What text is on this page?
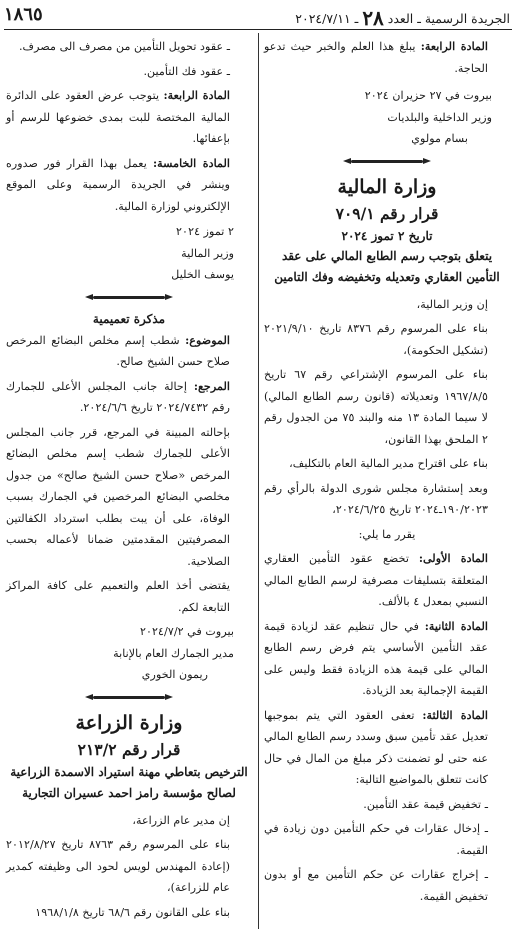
١٨٦٥	الجريدة الرسمية ـ العدد ٢٨ ـ ٢٠٢٤/٧/١١

المادة الرابعة: يبلغ هذا العلم والخبر حيث تدعو الحاجة.

بيروت في ٢٧ حزيران ٢٠٢٤
وزير الداخلية والبلديات
بسام مولوي
وزارة المالية
قرار رقم ٧٠٩/١
تاريخ ٢ تموز ٢٠٢٤
يتعلق بتوجب رسم الطابع المالي على عقد التأمين العقاري وتعديله وتخفيضه وفك التامين

إن وزير المالية،

بناء على المرسوم رقم ٨٣٧٦ تاريخ ٢٠٢١/٩/١٠ (تشكيل الحكومة)،

بناء على المرسوم الإشتراعي رقم ٦٧ تاريخ ١٩٦٧/٨/٥ وتعديلاته (قانون رسم الطابع المالي) لا سيما المادة ١٣ منه والبند ٧٥ من الجدول رقم ٢ الملحق بهذا القانون،

بناء على اقتراح مدير المالية العام بالتكليف،

وبعد إستشارة مجلس شورى الدولة بالرأي رقم ١٩٠/٢٠٢٣ـ٢٠٢٤ تاريخ ٢٠٢٤/٦/٢٥،

يقرر ما يلي:

المادة الأولى: تخضع عقود التأمين العقاري المتعلقة بتسليفات مصرفية لرسم الطابع المالي النسبي بمعدل ٤ بالألف.

المادة الثانية: في حال تنظيم عقد لزيادة قيمة عقد التأمين الأساسي يتم فرض رسم الطابع المالي على قيمة هذه الزيادة فقط وليس على القيمة الإجمالية بعد الزيادة.

المادة الثالثة: تعفى العقود التي يتم بموجبها تعديل عقد تأمين سبق وسدد رسم الطابع المالي عنه حتى لو تضمنت ذكر مبلغ من المال في حال كانت تتعلق بالمواضيع التالية:

ـ تخفيض قيمة عقد التأمين.

ـ إدخال عقارات في حكم التأمين دون زيادة في القيمة.

ـ إخراج عقارات عن حكم التأمين مع أو بدون تخفيض القيمة.

ـ عقود تحويل التأمين من مصرف الى مصرف.

ـ عقود فك التأمين.

المادة الرابعة: يتوجب عرض العقود على الدائرة المالية المختصة للبت بمدى خضوعها للرسم أو بإعفائها.

المادة الخامسة: يعمل بهذا القرار فور صدوره وينشر في الجريدة الرسمية وعلى الموقع الإلكتروني لوزارة المالية.

٢ تموز ٢٠٢٤
وزير المالية
يوسف الخليل
مذكرة تعميمية

الموضوع: شطب إسم مخلص البضائع المرخص صلاح حسن الشيخ صالح.

المرجع: إحالة جانب المجلس الأعلى للجمارك رقم ٢٠٢٤/٧٤٣٢ تاريخ ٢٠٢٤/٦/٦.

بإحالته المبينة في المرجع، قرر جانب المجلس الأعلى للجمارك شطب إسم مخلص البضائع المرخص «صلاح حسن الشيخ صالح» من جدول مخلصي البضائع المرخصين في الجمارك بسبب الوفاة، على أن يبت بطلب استرداد الكفالتين المصرفيتين المقدمتين ضمانا لأعماله بحسب الصلاحية.

يقتضى أخذ العلم والتعميم على كافة المراكز التابعة لكم.

بيروت في ٢٠٢٤/٧/٢
مدير الجمارك العام بالإنابة
ريمون الخوري
وزارة الزراعة
قرار رقم ٢١٣/٢
الترخيص بتعاطي مهنة استيراد الاسمدة الزراعية لصالح مؤسسة رامز احمد عسيران التجارية

إن مدير عام الزراعة،

بناء على المرسوم رقم ٨٧٦٣ تاريخ ٢٠١٢/٨/٢٧ (إعادة المهندس لويس لحود الى وظيفته كمدير عام للزراعة)،

بناء على القانون رقم ٦٨/٦ تاريخ ١٩٦٨/١/٨
